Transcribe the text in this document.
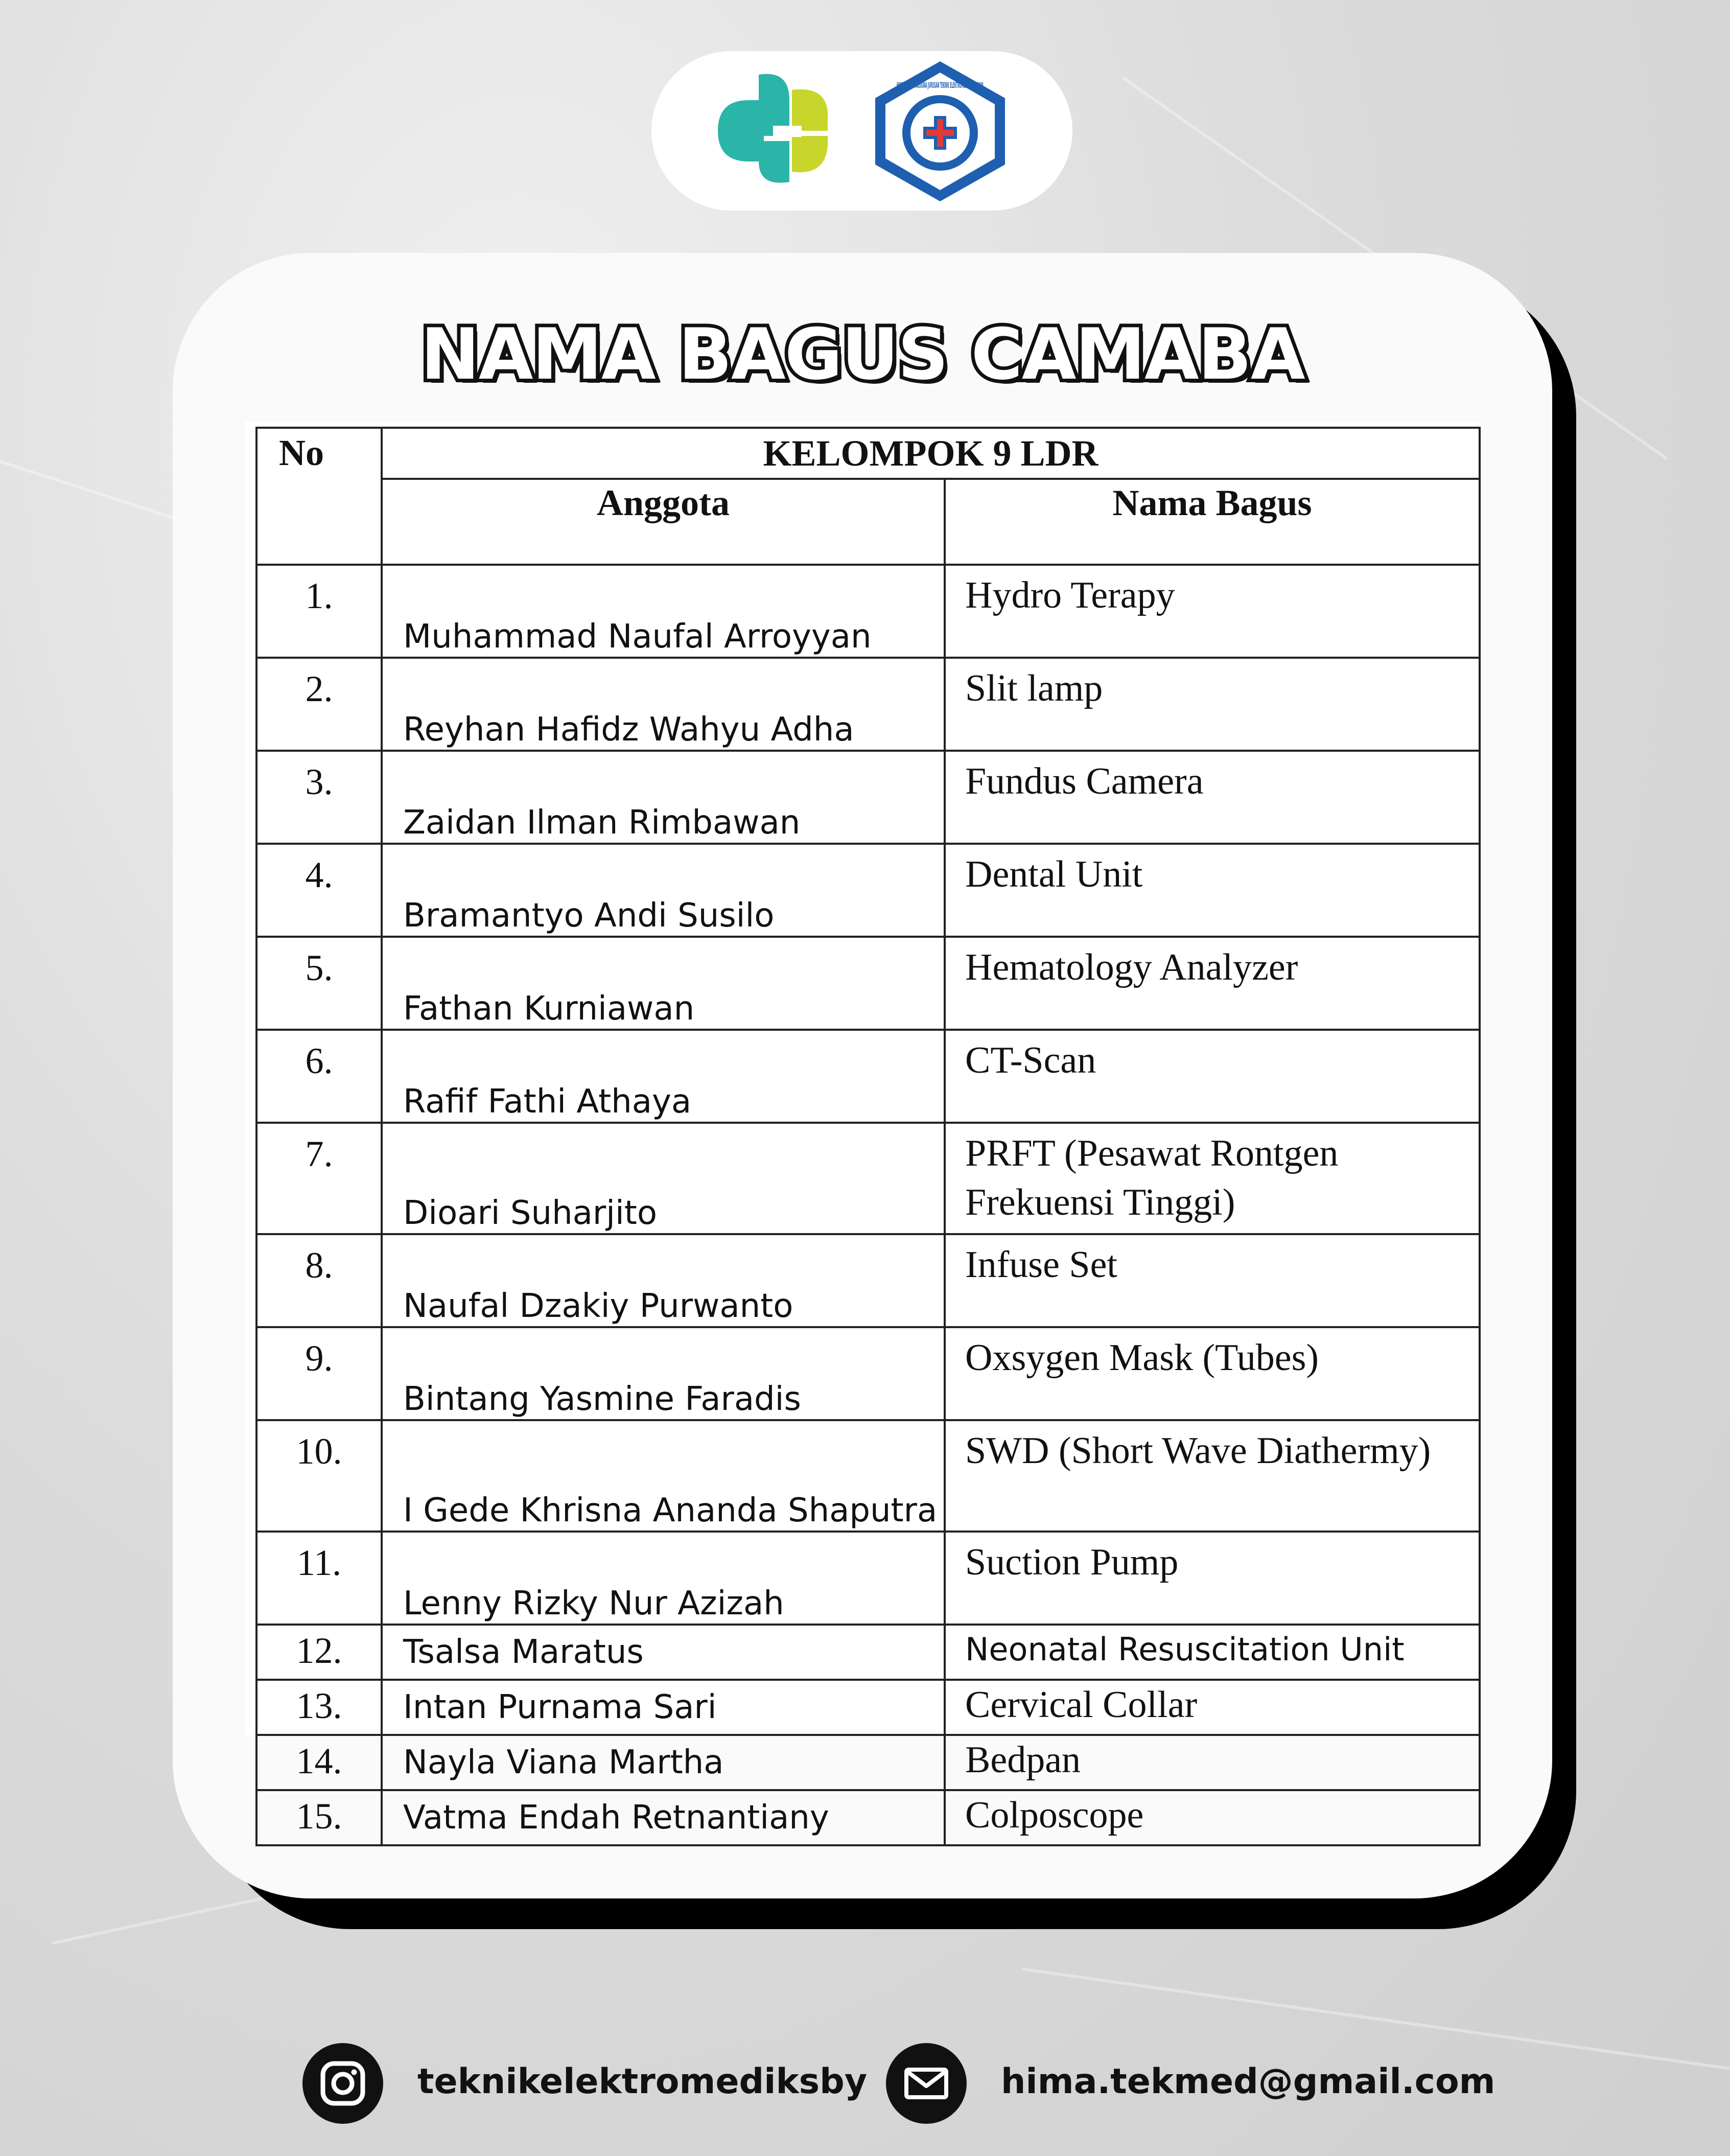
HIMPUNAN MAHASISWA JURUSAN TEKNIK ELEKTROMEDIK SURABAYA
NAMA BAGUS CAMABA
No	KELOMPOK 9 LDR	
	Anggota	Nama Bagus
1.	Muhammad Naufal Arroyyan	Hydro Terapy
2.	Reyhan Hafidz Wahyu Adha	Slit lamp
3.	Zaidan Ilman Rimbawan	Fundus Camera
4.	Bramantyo Andi Susilo	Dental Unit
5.	Fathan Kurniawan	Hematology Analyzer
6.	Rafif Fathi Athaya	CT-Scan
7.	Dioari Suharjito	PRFT (Pesawat Rontgen Frekuensi Tinggi)
8.	Naufal Dzakiy Purwanto	Infuse Set
9.	Bintang Yasmine Faradis	Oxsygen Mask (Tubes)
10.	I Gede Khrisna Ananda Shaputra	SWD (Short Wave Diathermy)
11.	Lenny Rizky Nur Azizah	Suction Pump
12.	Tsalsa Maratus	Neonatal Resuscitation Unit
13.	Intan Purnama Sari	Cervical Collar
14.	Nayla Viana Martha	Bedpan
15.	Vatma Endah Retnantiany	Colposcope
teknikelektromediksby	hima.tekmed@gmail.com
